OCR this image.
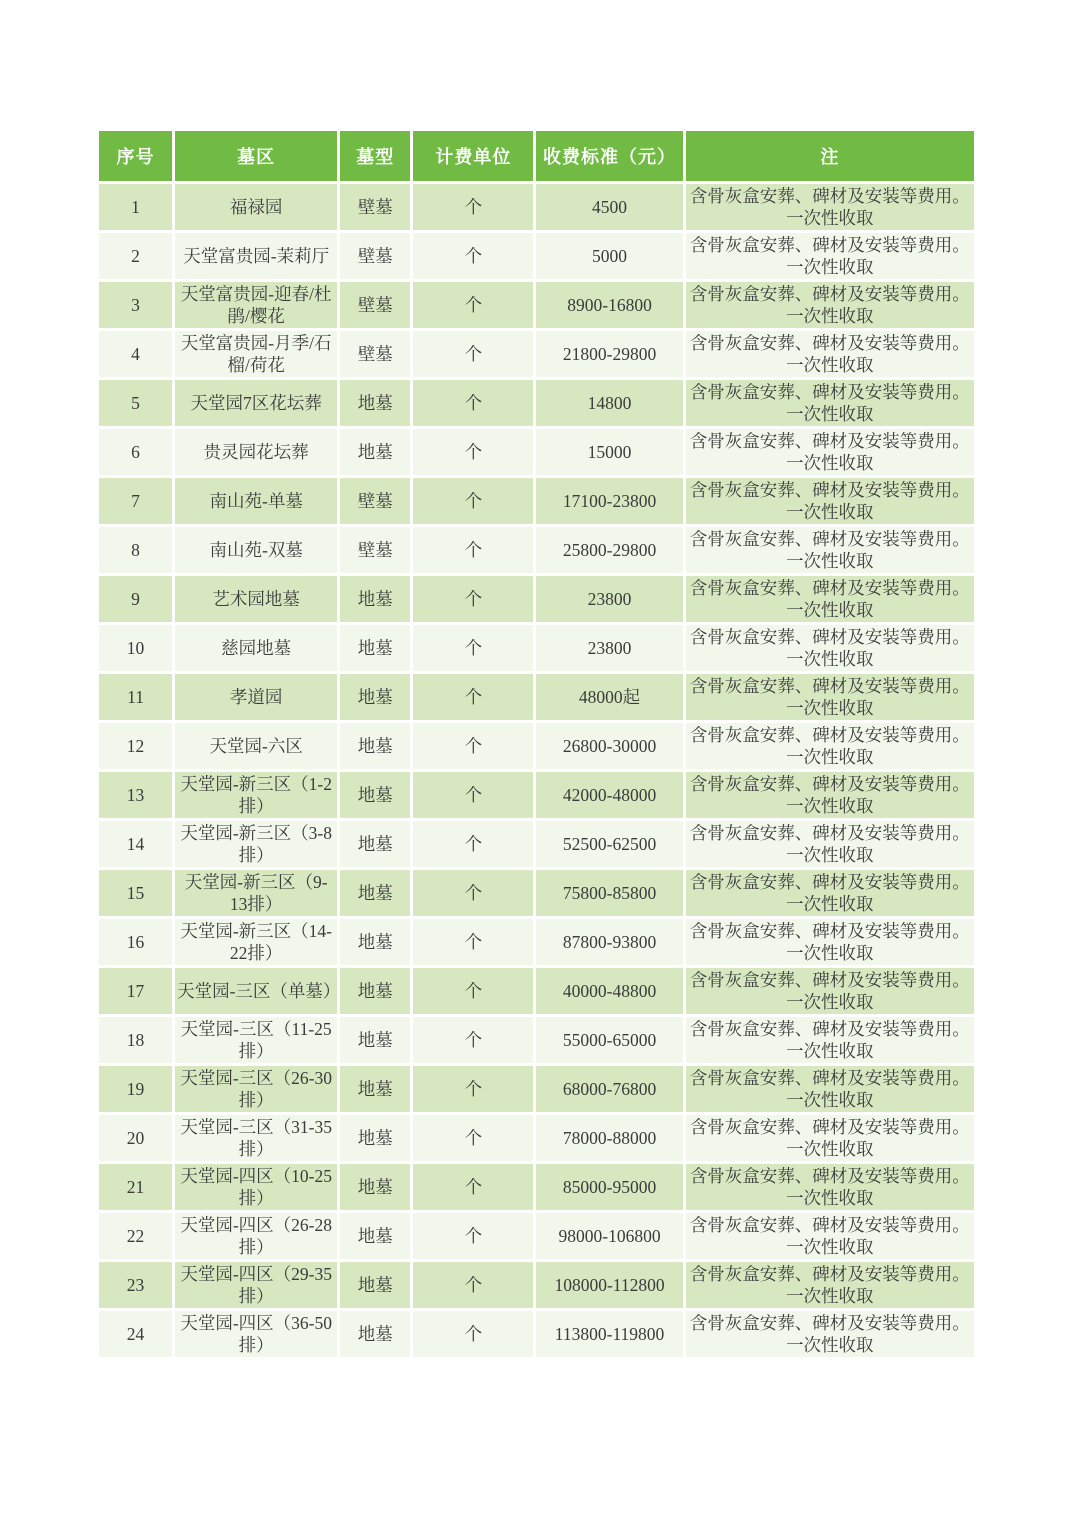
序号	墓区	墓型	计费单位	收费标准（元）	注
1	福禄园	壁墓	个	4500	含骨灰盒安葬、碑材及安装等费用。
一次性收取

2	天堂富贵园-茉莉厅	壁墓	个	5000	含骨灰盒安葬、碑材及安装等费用。
一次性收取

3	天堂富贵园-迎春/杜鹃/樱花	壁墓	个	8900-16800	含骨灰盒安葬、碑材及安装等费用。
一次性收取

4	天堂富贵园-月季/石榴/荷花	壁墓	个	21800-29800	含骨灰盒安葬、碑材及安装等费用。
一次性收取

5	天堂园7区花坛葬	地墓	个	14800	含骨灰盒安葬、碑材及安装等费用。
一次性收取

6	贵灵园花坛葬	地墓	个	15000	含骨灰盒安葬、碑材及安装等费用。
一次性收取

7	南山苑-单墓	壁墓	个	17100-23800	含骨灰盒安葬、碑材及安装等费用。
一次性收取

8	南山苑-双墓	壁墓	个	25800-29800	含骨灰盒安葬、碑材及安装等费用。
一次性收取

9	艺术园地墓	地墓	个	23800	含骨灰盒安葬、碑材及安装等费用。
一次性收取

10	慈园地墓	地墓	个	23800	含骨灰盒安葬、碑材及安装等费用。
一次性收取

11	孝道园	地墓	个	48000起	含骨灰盒安葬、碑材及安装等费用。
一次性收取

12	天堂园-六区	地墓	个	26800-30000	含骨灰盒安葬、碑材及安装等费用。
一次性收取

13	天堂园-新三区（1-2排）	地墓	个	42000-48000	含骨灰盒安葬、碑材及安装等费用。
一次性收取

14	天堂园-新三区（3-8排）	地墓	个	52500-62500	含骨灰盒安葬、碑材及安装等费用。
一次性收取

15	天堂园-新三区（9-13排）	地墓	个	75800-85800	含骨灰盒安葬、碑材及安装等费用。
一次性收取

16	天堂园-新三区（14-22排）	地墓	个	87800-93800	含骨灰盒安葬、碑材及安装等费用。
一次性收取

17	天堂园-三区（单墓）	地墓	个	40000-48800	含骨灰盒安葬、碑材及安装等费用。
一次性收取

18	天堂园-三区（11-25排）	地墓	个	55000-65000	含骨灰盒安葬、碑材及安装等费用。
一次性收取

19	天堂园-三区（26-30排）	地墓	个	68000-76800	含骨灰盒安葬、碑材及安装等费用。
一次性收取

20	天堂园-三区（31-35排）	地墓	个	78000-88000	含骨灰盒安葬、碑材及安装等费用。
一次性收取

21	天堂园-四区（10-25排）	地墓	个	85000-95000	含骨灰盒安葬、碑材及安装等费用。
一次性收取

22	天堂园-四区（26-28排）	地墓	个	98000-106800	含骨灰盒安葬、碑材及安装等费用。
一次性收取

23	天堂园-四区（29-35排）	地墓	个	108000-112800	含骨灰盒安葬、碑材及安装等费用。
一次性收取

24	天堂园-四区（36-50排）	地墓	个	113800-119800	含骨灰盒安葬、碑材及安装等费用。
一次性收取
